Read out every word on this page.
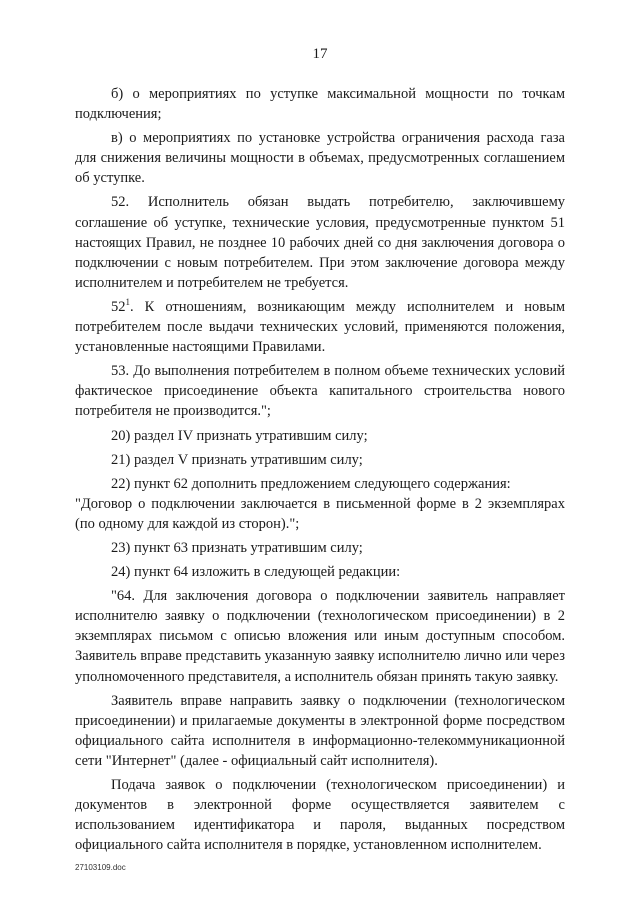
17

б) о мероприятиях по уступке максимальной мощности по точкам подключения;

в) о мероприятиях по установке устройства ограничения расхода газа для снижения величины мощности в объемах, предусмотренных соглашением об уступке.

52. Исполнитель обязан выдать потребителю, заключившему соглашение об уступке, технические условия, предусмотренные пунктом 51 настоящих Правил, не позднее 10 рабочих дней со дня заключения договора о подключении с новым потребителем. При этом заключение договора между исполнителем и потребителем не требуется.

$52^1$. К отношениям, возникающим между исполнителем и новым потребителем после выдачи технических условий, применяются положения, установленные настоящими Правилами.

53. До выполнения потребителем в полном объеме технических условий фактическое присоединение объекта капитального строительства нового потребителя не производится.";

20) раздел IV признать утратившим силу;

21) раздел V признать утратившим силу;

22) пункт 62 дополнить предложением следующего содержания:

"Договор о подключении заключается в письменной форме в 2 экземплярах (по одному для каждой из сторон).";

23) пункт 63 признать утратившим силу;

24) пункт 64 изложить в следующей редакции:

"64. Для заключения договора о подключении заявитель направляет исполнителю заявку о подключении (технологическом присоединении) в 2 экземплярах письмом с описью вложения или иным доступным способом. Заявитель вправе представить указанную заявку исполнителю лично или через уполномоченного представителя, а исполнитель обязан принять такую заявку.

Заявитель вправе направить заявку о подключении (технологическом присоединении) и прилагаемые документы в электронной форме посредством официального сайта исполнителя в информационно-телекоммуникационной сети "Интернет" (далее - официальный сайт исполнителя).

Подача заявок о подключении (технологическом присоединении) и документов в электронной форме осуществляется заявителем с использованием идентификатора и пароля, выданных посредством официального сайта исполнителя в порядке, установленном исполнителем.

27103109.doc
